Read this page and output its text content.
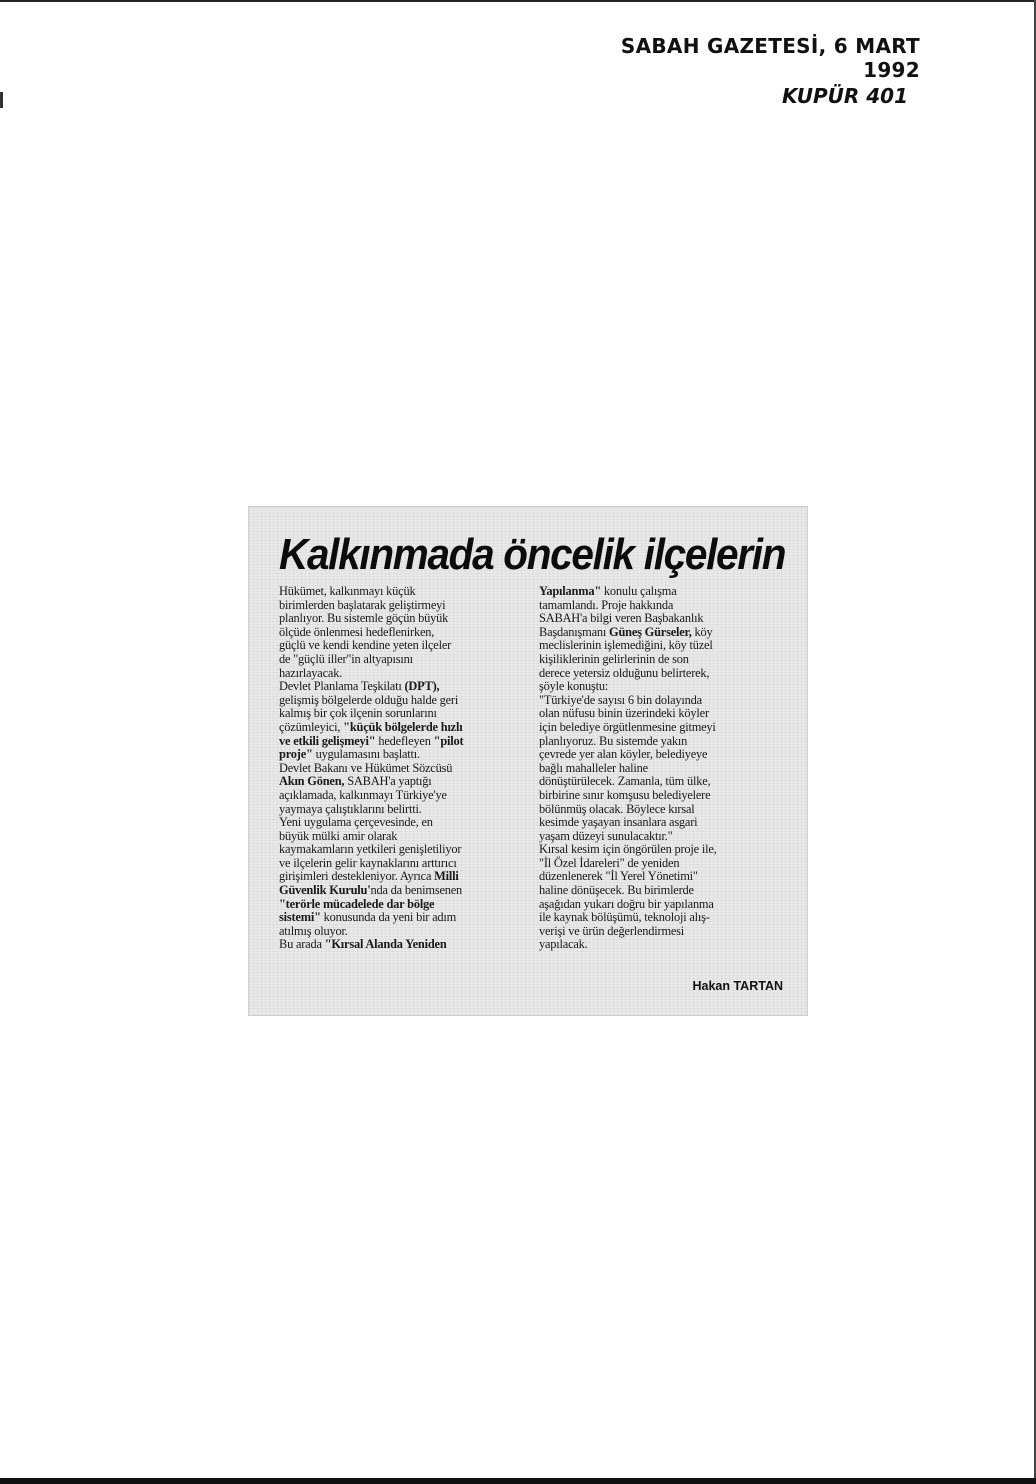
SABAH GAZETESİ, 6 MART 1992
KUPÜR 401
Kalkınmada öncelik ilçelerin
Hükümet, kalkınmayı küçük
birimlerden başlatarak geliştirmeyi
planlıyor. Bu sistemle göçün büyük
ölçüde önlenmesi hedeflenirken,
güçlü ve kendi kendine yeten ilçeler
de "güçlü iller"in altyapısını
hazırlayacak.
Devlet Planlama Teşkilatı (DPT),
gelişmiş bölgelerde olduğu halde geri
kalmış bir çok ilçenin sorunlarını
çözümleyici, "küçük bölgelerde hızlı
ve etkili gelişmeyi" hedefleyen "pilot
proje" uygulamasını başlattı.
Devlet Bakanı ve Hükümet Sözcüsü
Akın Gönen, SABAH'a yaptığı
açıklamada, kalkınmayı Türkiye'ye
yaymaya çalıştıklarını belirtti.
Yeni uygulama çerçevesinde, en
büyük mülki amir olarak
kaymakamların yetkileri genişletiliyor
ve ilçelerin gelir kaynaklarını arttırıcı
girişimleri destekleniyor. Ayrıca Milli
Güvenlik Kurulu'nda da benimsenen
"terörle mücadelede dar bölge
sistemi" konusunda da yeni bir adım
atılmış oluyor.
Bu arada "Kırsal Alanda Yeniden
Yapılanma" konulu çalışma
tamamlandı. Proje hakkında
SABAH'a bilgi veren Başbakanlık
Başdanışmanı Güneş Gürseler, köy
meclislerinin işlemediğini, köy tüzel
kişiliklerinin gelirlerinin de son
derece yetersiz olduğunu belirterek,
şöyle konuştu:
"Türkiye'de sayısı 6 bin dolayında
olan nüfusu binin üzerindeki köyler
için belediye örgütlenmesine gitmeyi
planlıyoruz. Bu sistemde yakın
çevrede yer alan köyler, belediyeye
bağlı mahalleler haline
dönüştürülecek. Zamanla, tüm ülke,
birbirine sınır komşusu belediyelere
bölünmüş olacak. Böylece kırsal
kesimde yaşayan insanlara asgari
yaşam düzeyi sunulacaktır."
Kırsal kesim için öngörülen proje ile,
"İl Özel İdareleri" de yeniden
düzenlenerek "İl Yerel Yönetimi"
haline dönüşecek. Bu birimlerde
aşağıdan yukarı doğru bir yapılanma
ile kaynak bölüşümü, teknoloji alış-
verişi ve ürün değerlendirmesi
yapılacak.
Hakan TARTAN
